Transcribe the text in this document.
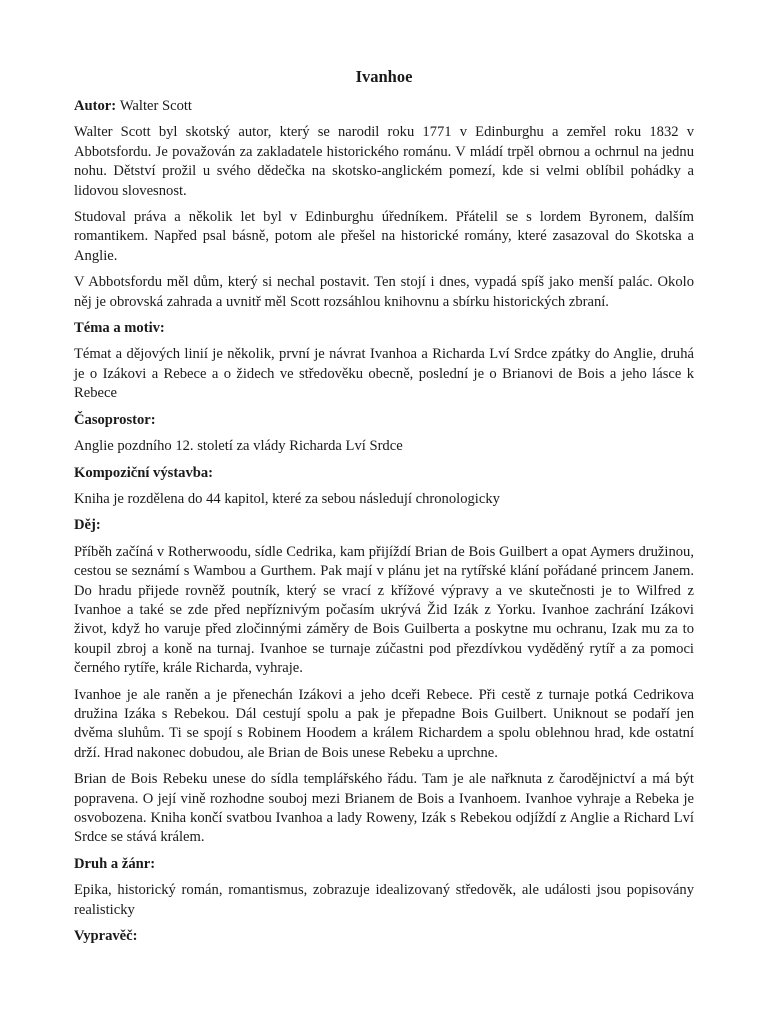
Ivanhoe
Autor: Walter Scott

Walter Scott byl skotský autor, který se narodil roku 1771 v Edinburghu a zemřel roku 1832 v Abbotsfordu. Je považován za zakladatele historického románu. V mládí trpěl obrnou a ochrnul na jednu nohu. Dětství prožil u svého dědečka na skotsko-anglickém pomezí, kde si velmi oblíbil pohádky a lidovou slovesnost.

Studoval práva a několik let byl v Edinburghu úředníkem. Přátelil se s lordem Byronem, dalším romantikem. Napřed psal básně, potom ale přešel na historické romány, které zasazoval do Skotska a Anglie.

V Abbotsfordu měl dům, který si nechal postavit. Ten stojí i dnes, vypadá spíš jako menší palác. Okolo něj je obrovská zahrada a uvnitř měl Scott rozsáhlou knihovnu a sbírku historických zbraní.

Téma a motiv:

Témat a dějových linií je několik, první je návrat Ivanhoa a Richarda Lví Srdce zpátky do Anglie, druhá je o Izákovi a Rebece a o židech ve středověku obecně, poslední je o Brianovi de Bois a jeho lásce k Rebece

Časoprostor:

Anglie pozdního 12. století za vlády Richarda Lví Srdce

Kompoziční výstavba:

Kniha je rozdělena do 44 kapitol, které za sebou následují chronologicky

Děj:

Příběh začíná v Rotherwoodu, sídle Cedrika, kam přijíždí Brian de Bois Guilbert a opat Aymers družinou, cestou se seznámí s Wambou a Gurthem. Pak mají v plánu jet na rytířské klání pořádané princem Janem. Do hradu přijede rovněž poutník, který se vrací z křížové výpravy a ve skutečnosti je to Wilfred z Ivanhoe a také se zde před nepříznivým počasím ukrývá Žid Izák z Yorku. Ivanhoe zachrání Izákovi život, když ho varuje před zločinnými záměry de Bois Guilberta a poskytne mu ochranu, Izak mu za to koupil zbroj a koně na turnaj. Ivanhoe se turnaje zúčastni pod přezdívkou vyděděný rytíř a za pomoci černého rytíře, krále Richarda, vyhraje.

Ivanhoe je ale raněn a je přenechán Izákovi a jeho dceři Rebece. Při cestě z turnaje potká Cedrikova družina Izáka s Rebekou. Dál cestují spolu a pak je přepadne Bois Guilbert. Uniknout se podaří jen dvěma sluhům. Ti se spojí s Robinem Hoodem a králem Richardem a spolu oblehnou hrad, kde ostatní drží. Hrad nakonec dobudou, ale Brian de Bois unese Rebeku a uprchne.

Brian de Bois Rebeku unese do sídla templářského řádu. Tam je ale nařknuta z čarodějnictví a má být popravena. O její vině rozhodne souboj mezi Brianem de Bois a Ivanhoem. Ivanhoe vyhraje a Rebeka je osvobozena. Kniha končí svatbou Ivanhoa a lady Roweny, Izák s Rebekou odjíždí z Anglie a Richard Lví Srdce se stává králem.

Druh a žánr:

Epika, historický román, romantismus, zobrazuje idealizovaný středověk, ale události jsou popisovány realisticky

Vypravěč:
